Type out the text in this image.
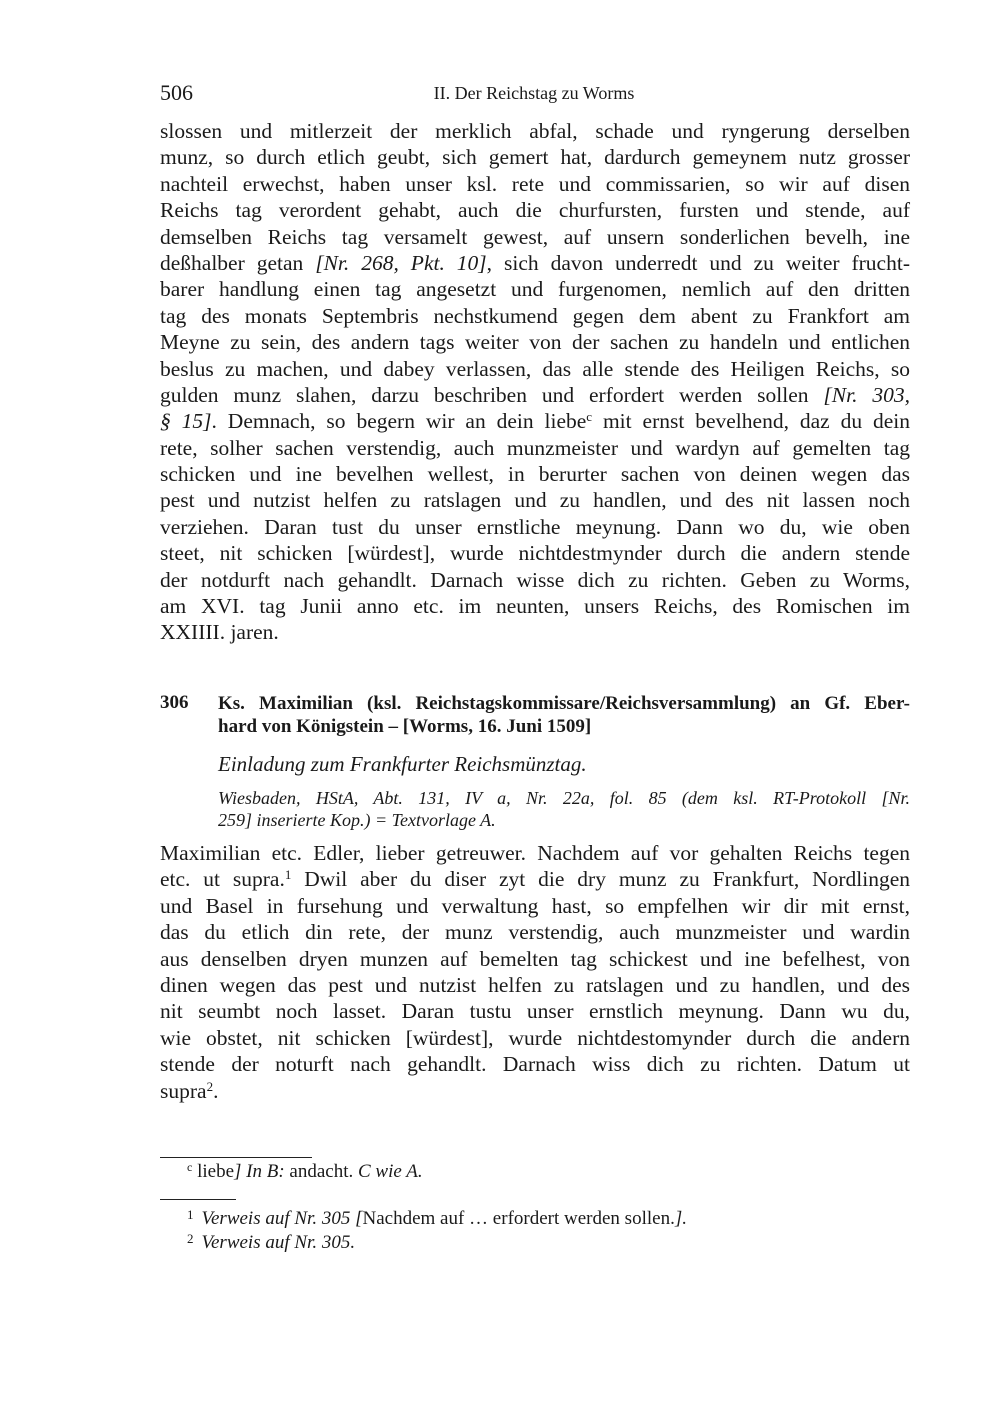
506	II. Der Reichstag zu Worms
slossen und mitlerzeit der merklich abfal, schade und ryngerung derselben
munz, so durch etlich geubt, sich gemert hat, dardurch gemeynem nutz grosser
nachteil erwechst, haben unser ksl. rete und commissarien, so wir auf disen
Reichs tag verordent gehabt, auch die churfursten, fursten und stende, auf
demselben Reichs tag versamelt gewest, auf unsern sonderlichen bevelh, ine
deßhalber getan [Nr. 268, Pkt. 10], sich davon underredt und zu weiter frucht-
barer handlung einen tag angesetzt und furgenomen, nemlich auf den dritten
tag des monats Septembris nechstkumend gegen dem abent zu Frankfort am
Meyne zu sein, des andern tags weiter von der sachen zu handeln und entlichen
beslus zu machen, und dabey verlassen, das alle stende des Heiligen Reichs, so
gulden munz slahen, darzu beschriben und erfordert werden sollen [Nr. 303,
§ 15]. Demnach, so begern wir an dein liebe$^c$ mit ernst bevelhend, daz du dein
rete, solher sachen verstendig, auch munzmeister und wardyn auf gemelten tag
schicken und ine bevelhen wellest, in berurter sachen von deinen wegen das
pest und nutzist helfen zu ratslagen und zu handlen, und des nit lassen noch
verziehen. Daran tust du unser ernstliche meynung. Dann wo du, wie oben
steet, nit schicken [würdest], wurde nichtdestmynder durch die andern stende
der notdurft nach gehandlt. Darnach wisse dich zu richten. Geben zu Worms,
am XVI. tag Junii anno etc. im neunten, unsers Reichs, des Romischen im
XXIIII. jaren.
306 Ks. Maximilian (ksl. Reichstagskommissare/Reichsversammlung) an Gf. Eber-
hard von Königstein – [Worms, 16. Juni 1509]
Einladung zum Frankfurter Reichsmünztag.
Wiesbaden, HStA, Abt. 131, IV a, Nr. 22a, fol. 85 (dem ksl. RT-Protokoll [Nr.
259] inserierte Kop.) = Textvorlage A.
Maximilian etc. Edler, lieber getreuwer. Nachdem auf vor gehalten Reichs tegen
etc. ut supra.$^1$ Dwil aber du diser zyt die dry munz zu Frankfurt, Nordlingen
und Basel in fursehung und verwaltung hast, so empfelhen wir dir mit ernst,
das du etlich din rete, der munz verstendig, auch munzmeister und wardin
aus denselben dryen munzen auf bemelten tag schickest und ine befelhest, von
dinen wegen das pest und nutzist helfen zu ratslagen und zu handlen, und des
nit seumbt noch lasset. Daran tustu unser ernstlich meynung. Dann wu du,
wie obstet, nit schicken [würdest], wurde nichtdestomynder durch die andern
stende der noturft nach gehandlt. Darnach wiss dich zu richten. Datum ut
supra$^2$.
$^c$ liebe] In B: andacht. C wie A.
$^1$ Verweis auf Nr. 305 [Nachdem auf … erfordert werden sollen.].
$^2$ Verweis auf Nr. 305.
